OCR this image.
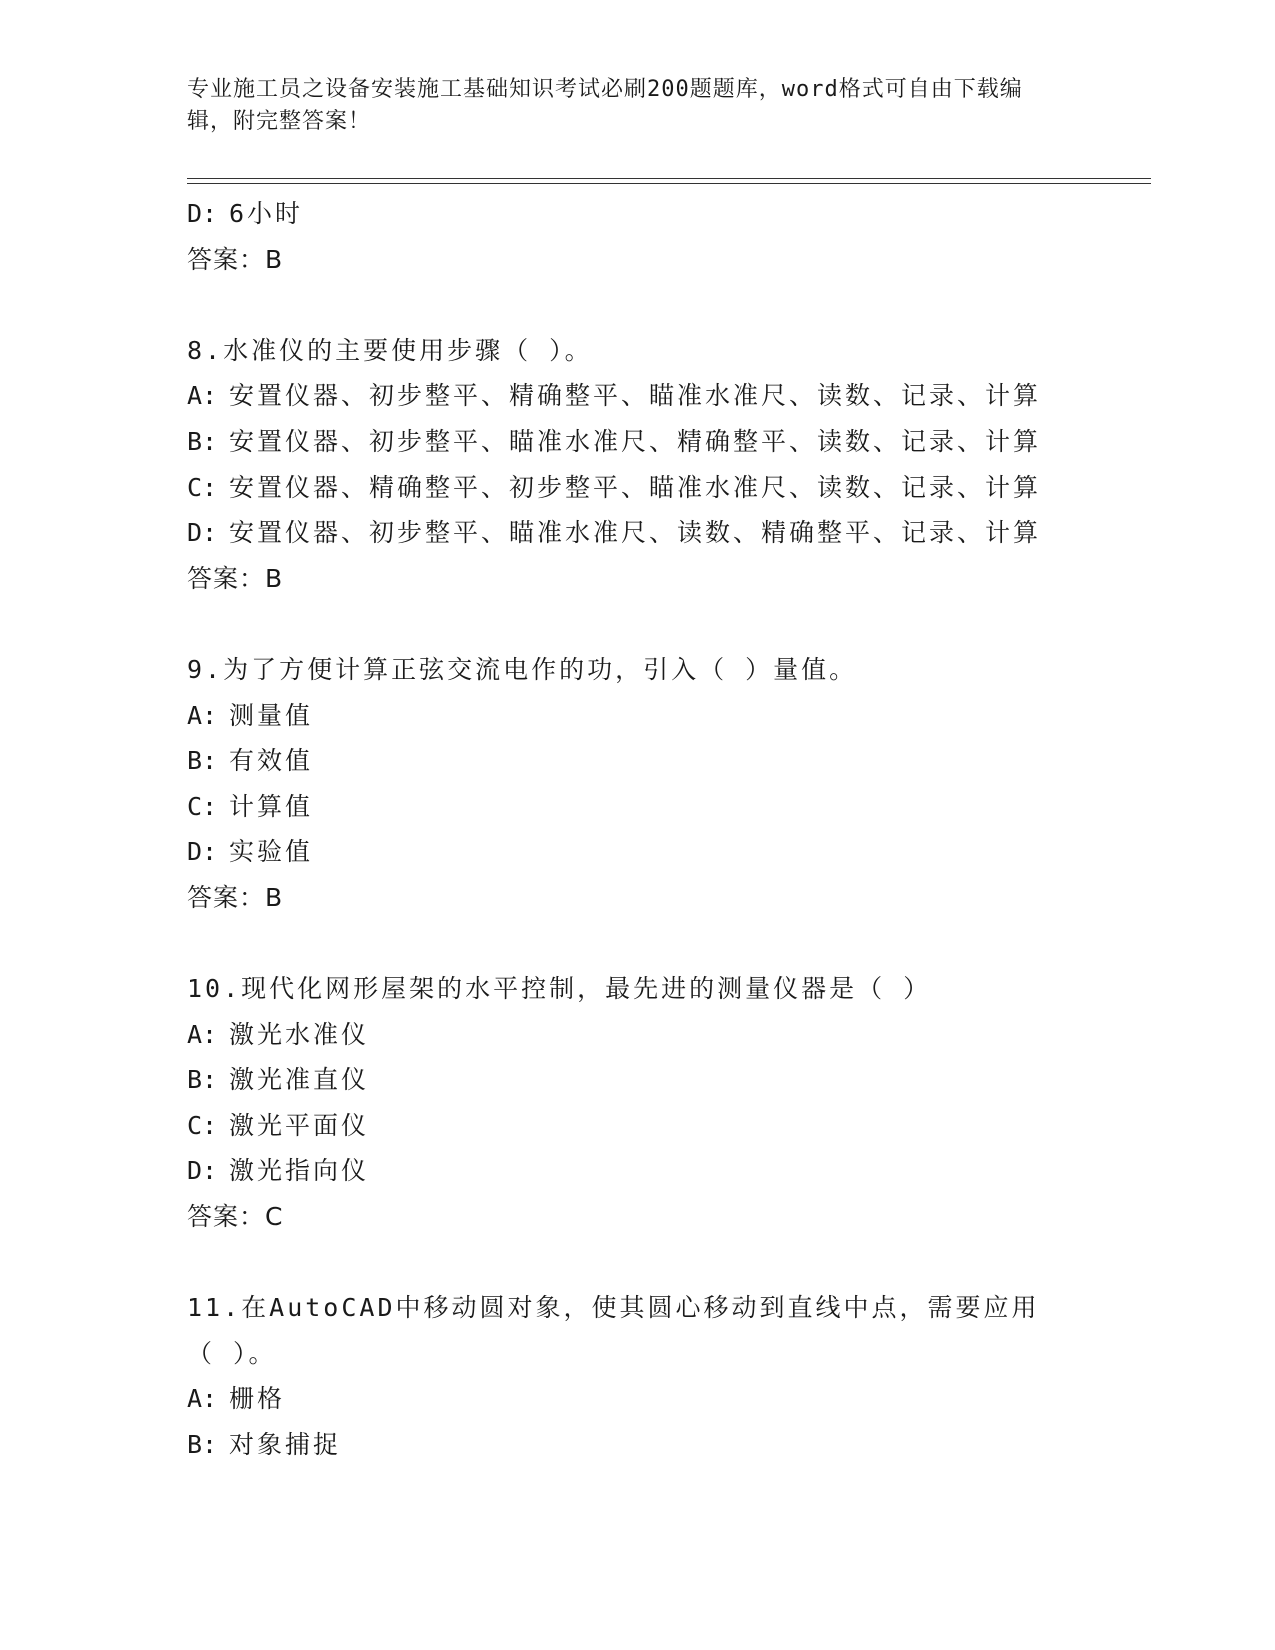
专业施工员之设备安装施工基础知识考试必刷200题题库，word格式可自由下载编辑，附完整答案！
D: 6小时
答案：B
8.水准仪的主要使用步骤（ ）。
A: 安置仪器、初步整平、精确整平、瞄准水准尺、读数、记录、计算
B: 安置仪器、初步整平、瞄准水准尺、精确整平、读数、记录、计算
C: 安置仪器、精确整平、初步整平、瞄准水准尺、读数、记录、计算
D: 安置仪器、初步整平、瞄准水准尺、读数、精确整平、记录、计算
答案：B
9.为了方便计算正弦交流电作的功，引入（ ）量值。
A: 测量值
B: 有效值
C: 计算值
D: 实验值
答案：B
10.现代化网形屋架的水平控制，最先进的测量仪器是（ ）
A: 激光水准仪
B: 激光准直仪
C: 激光平面仪
D: 激光指向仪
答案：C
11.在AutoCAD中移动圆对象，使其圆心移动到直线中点，需要应用（ ）。
A: 栅格
B: 对象捕捉
